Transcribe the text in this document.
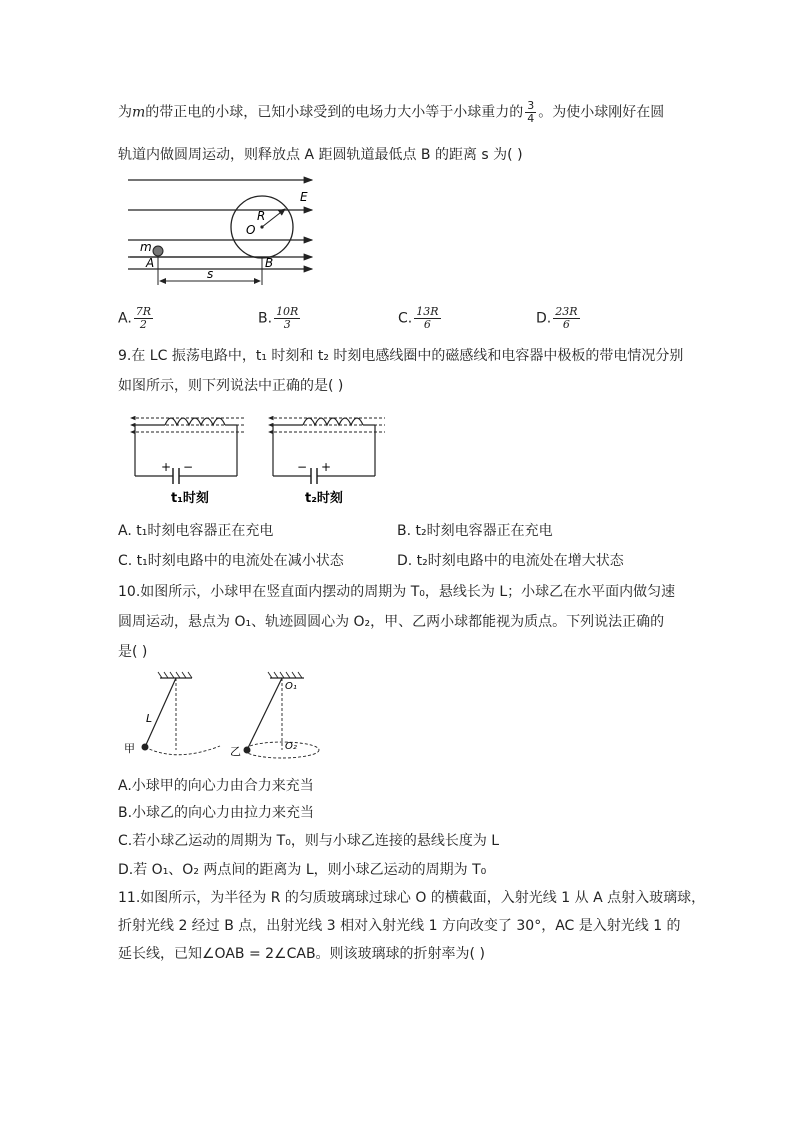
为m的带正电的小球，已知小球受到的电场力大小等于小球重力的 $\frac{3}{4}$ 。为使小球刚好在圆
轨道内做圆周运动，则释放点 A 距圆轨道最低点 B 的距离 s 为( )
E
R
O
m
A	B
s
A. $\frac{7R}{2}$	B. $\frac{10R}{3}$	C. $\frac{13R}{6}$	D. $\frac{23R}{6}$
9.在 LC 振荡电路中，t₁ 时刻和 t₂ 时刻电感线圈中的磁感线和电容器中极板的带电情况分别
如图所示，则下列说法中正确的是( )
+ −
t₁时刻
− +
t₂时刻
A. t₁时刻电容器正在充电	B. t₂时刻电容器正在充电
C. t₁时刻电路中的电流处在减小状态	D. t₂时刻电路中的电流处在增大状态
10.如图所示，小球甲在竖直面内摆动的周期为 T₀，悬线长为 L；小球乙在水平面内做匀速
圆周运动，悬点为 O₁、轨迹圆圆心为 O₂，甲、乙两小球都能视为质点。下列说法正确的
是( )
L
甲
O₁
O₂
乙
A.小球甲的向心力由合力来充当
B.小球乙的向心力由拉力来充当
C.若小球乙运动的周期为 T₀，则与小球乙连接的悬线长度为 L
D.若 O₁、O₂ 两点间的距离为 L，则小球乙运动的周期为 T₀
11.如图所示，为半径为 R 的匀质玻璃球过球心 O 的横截面，入射光线 1 从 A 点射入玻璃球，
折射光线 2 经过 B 点，出射光线 3 相对入射光线 1 方向改变了 30°，AC 是入射光线 1 的
延长线，已知∠OAB = 2∠CAB。则该玻璃球的折射率为( )
